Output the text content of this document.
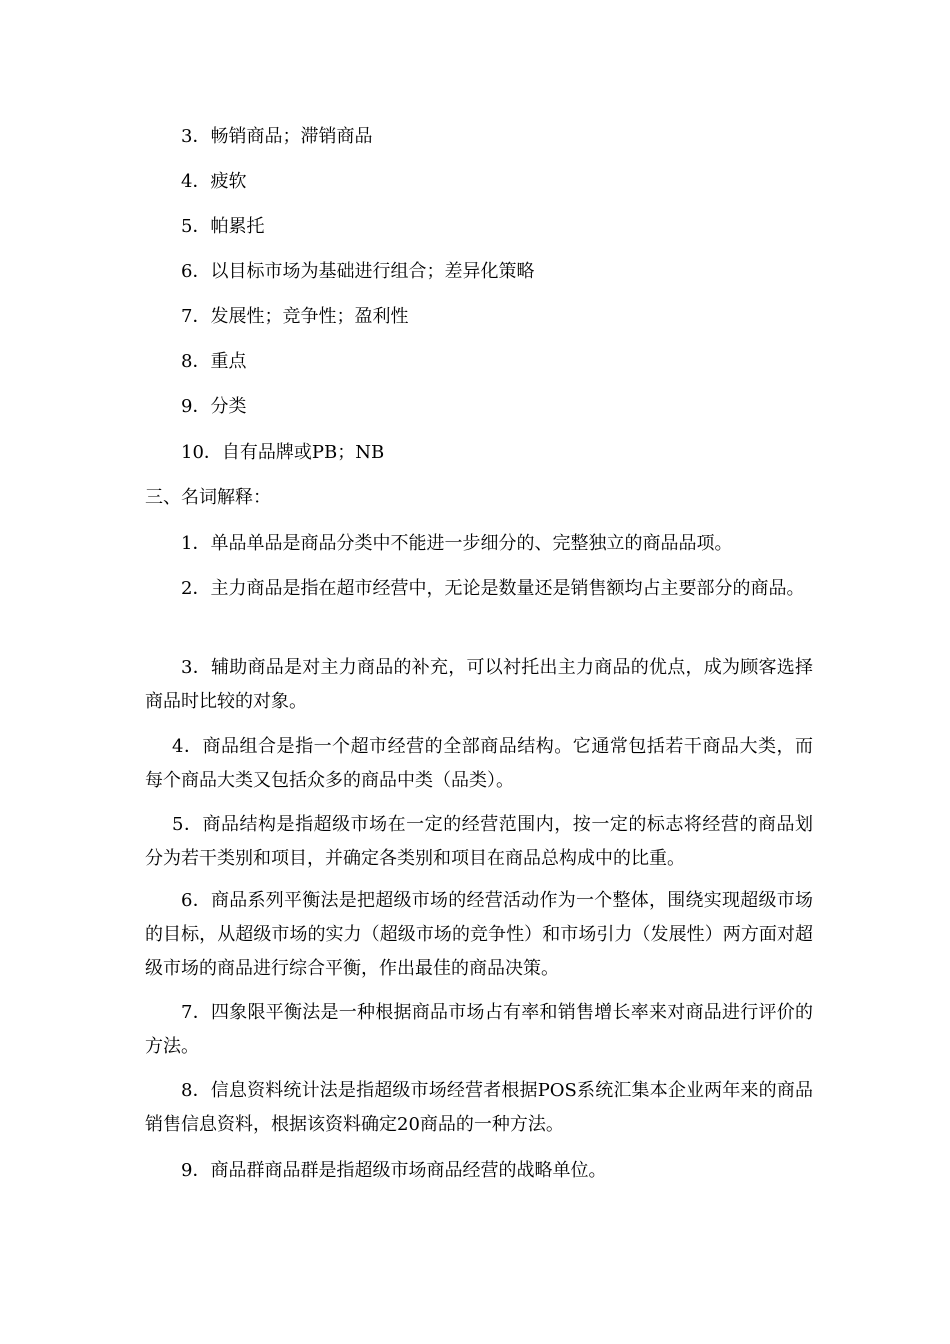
3．畅销商品；滞销商品
4．疲软
5．帕累托
6．以目标市场为基础进行组合；差异化策略
7．发展性；竞争性；盈利性
8．重点
9．分类
10．自有品牌或PB；NB
三、名词解释：
1．单品单品是商品分类中不能进一步细分的、完整独立的商品品项。
2．主力商品是指在超市经营中，无论是数量还是销售额均占主要部分的商品。
3．辅助商品是对主力商品的补充，可以衬托出主力商品的优点，成为顾客选择商品时比较的对象。
4．商品组合是指一个超市经营的全部商品结构。它通常包括若干商品大类，而每个商品大类又包括众多的商品中类（品类）。
5．商品结构是指超级市场在一定的经营范围内，按一定的标志将经营的商品划分为若干类别和项目，并确定各类别和项目在商品总构成中的比重。
6．商品系列平衡法是把超级市场的经营活动作为一个整体，围绕实现超级市场的目标，从超级市场的实力（超级市场的竞争性）和市场引力（发展性）两方面对超级市场的商品进行综合平衡，作出最佳的商品决策。
7．四象限平衡法是一种根据商品市场占有率和销售增长率来对商品进行评价的方法。
8．信息资料统计法是指超级市场经营者根据POS系统汇集本企业两年来的商品销售信息资料，根据该资料确定20商品的一种方法。
9．商品群商品群是指超级市场商品经营的战略单位。
